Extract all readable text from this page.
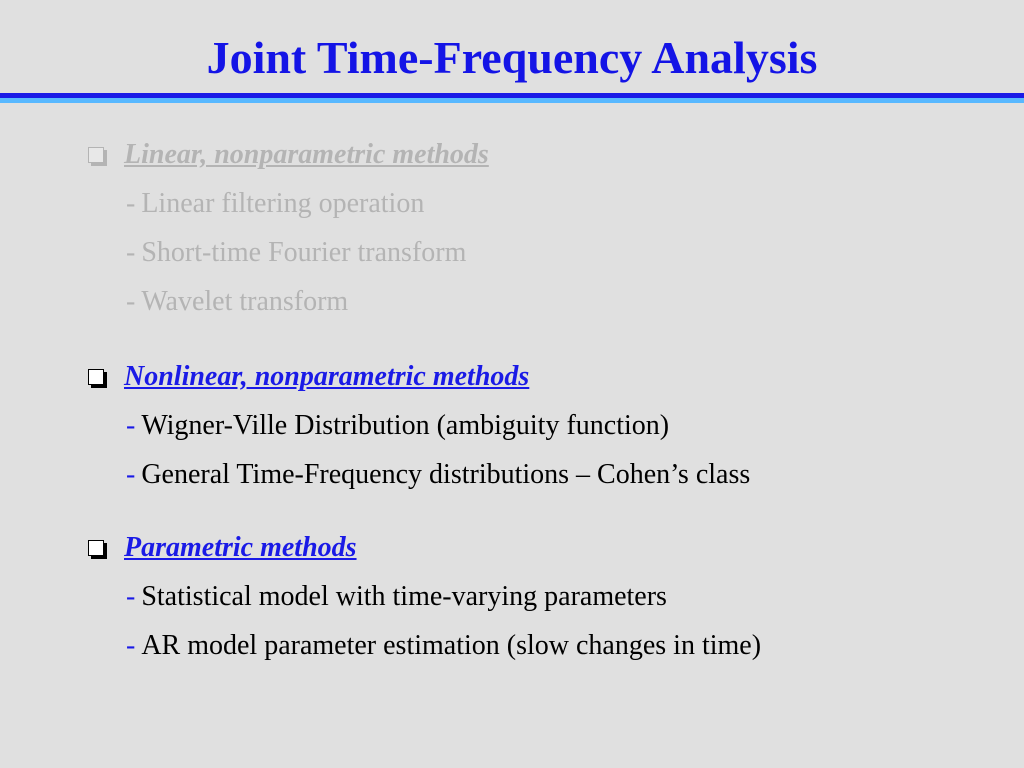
Joint Time-Frequency Analysis
Linear, nonparametric methods
- Linear filtering operation
- Short-time Fourier transform
- Wavelet transform
Nonlinear, nonparametric methods
- Wigner-Ville Distribution (ambiguity function)
- General Time-Frequency distributions – Cohen’s class
Parametric methods
- Statistical model with time-varying parameters
- AR model parameter estimation (slow changes in time)
